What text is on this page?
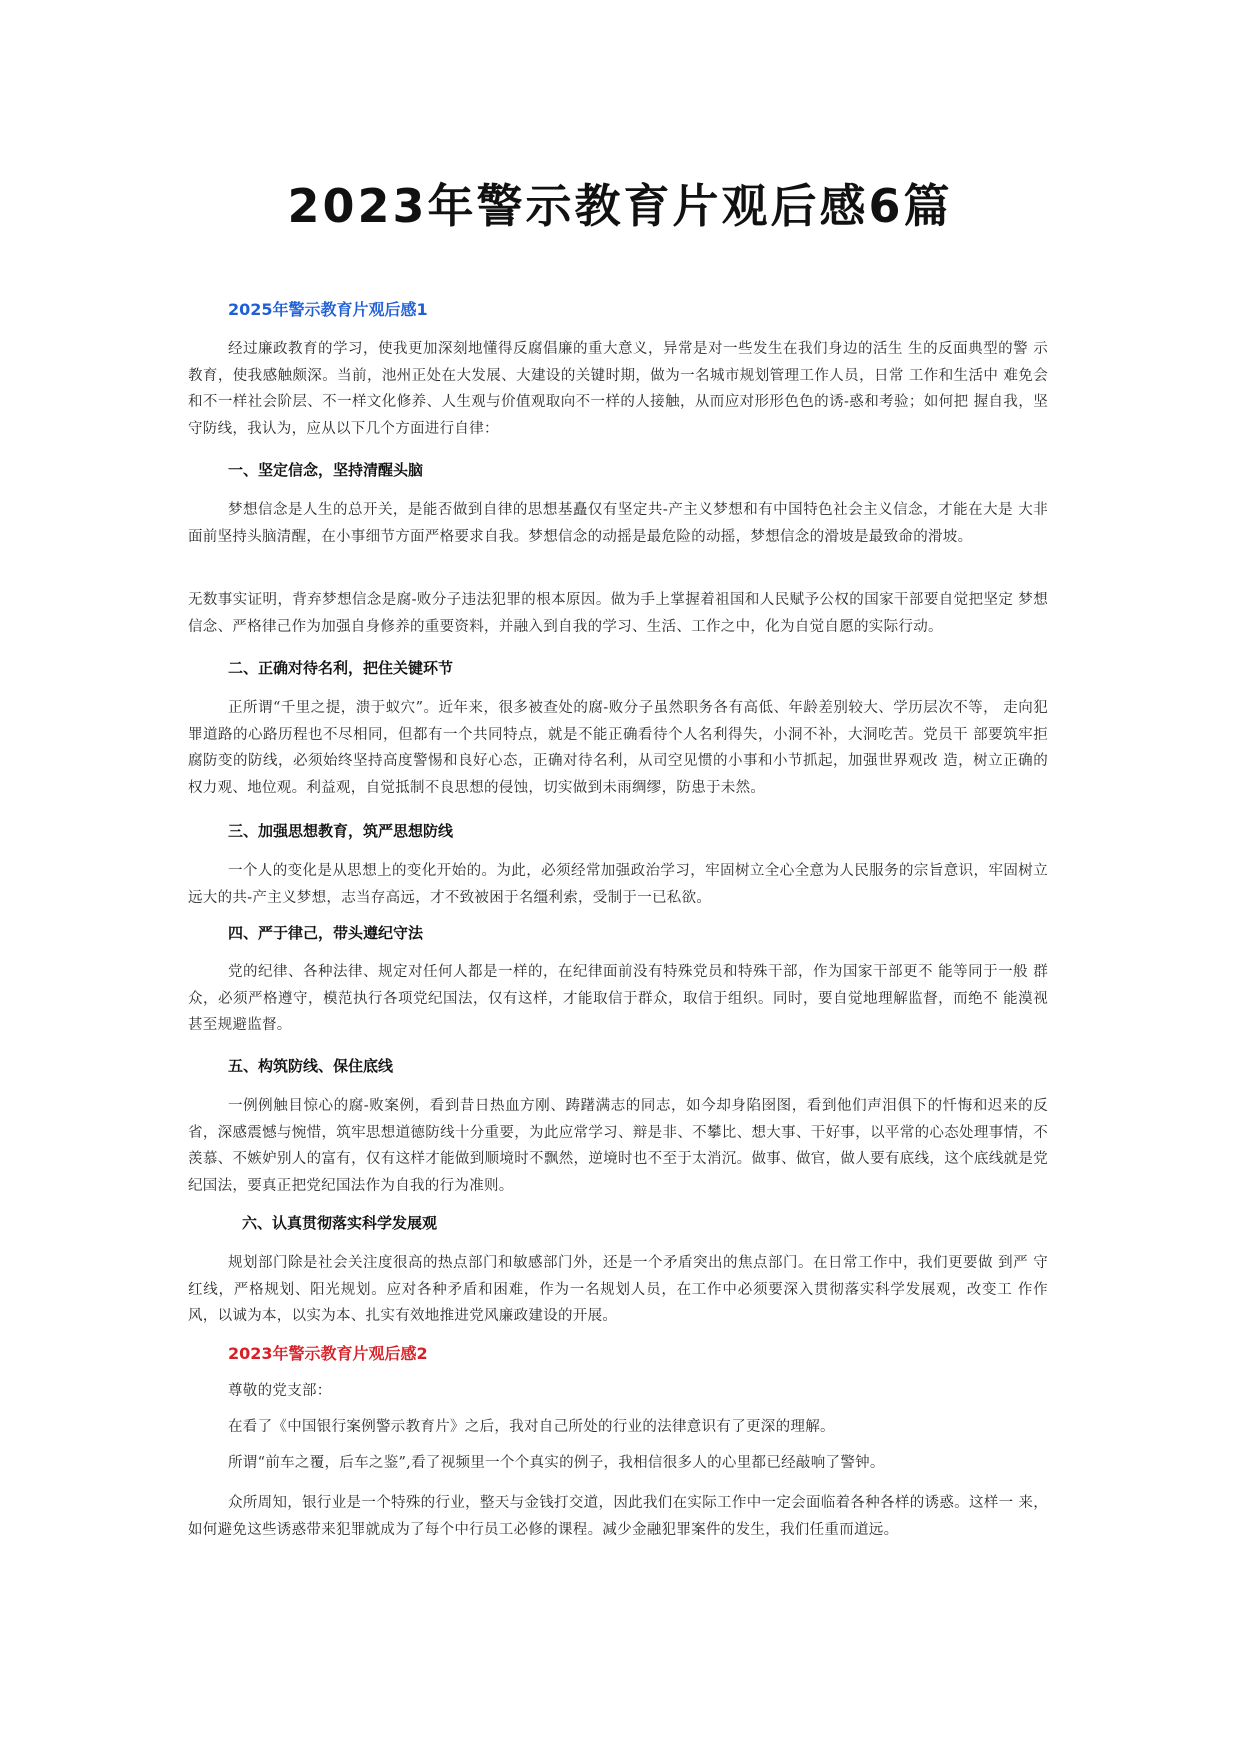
2023年警示教育片观后感6篇
2025年警示教育片观后感1

经过廉政教育的学习，使我更加深刻地懂得反腐倡廉的重大意义，异常是对一些发生在我们身边的活生 生的反面典型的警 示教育，使我感触颇深。当前，池州正处在大发展、大建设的关键时期，做为一名城市规划管理工作人员，日常 工作和生活中 难免会和不一样社会阶层、不一样文化修养、人生观与价值观取向不一样的人接触，从而应对形形色色的诱-惑和考验；如何把 握自我，坚守防线，我认为，应从以下几个方面进行自律：

一、坚定信念，坚持清醒头脑

梦想信念是人生的总开关，是能否做到自律的思想基矗仅有坚定共-产主义梦想和有中国特色社会主义信念，才能在大是 大非面前坚持头脑清醒，在小事细节方面严格要求自我。梦想信念的动摇是最危险的动摇，梦想信念的滑坡是最致命的滑坡。

无数事实证明，背弃梦想信念是腐-败分子违法犯罪的根本原因。做为手上掌握着祖国和人民赋予公权的国家干部要自觉把坚定 梦想信念、严格律己作为加强自身修养的重要资料，并融入到自我的学习、生活、工作之中，化为自觉自愿的实际行动。

二、正确对待名利，把住关键环节

正所谓“千里之提，溃于蚁穴”。近年来，很多被查处的腐-败分子虽然职务各有高低、年龄差别较大、学历层次不等， 走向犯罪道路的心路历程也不尽相同，但都有一个共同特点，就是不能正确看待个人名利得失，小洞不补，大洞吃苦。党员干 部要筑牢拒腐防变的防线，必须始终坚持高度警惕和良好心态，正确对待名利，从司空见惯的小事和小节抓起，加强世界观改 造，树立正确的权力观、地位观。利益观，自觉抵制不良思想的侵蚀，切实做到未雨绸缪，防患于未然。

三、加强思想教育，筑严思想防线

一个人的变化是从思想上的变化开始的。为此，必须经常加强政治学习，牢固树立全心全意为人民服务的宗旨意识，牢固树立远大的共-产主义梦想，志当存高远，才不致被困于名缰利索，受制于一已私欲。

四、严于律己，带头遵纪守法

党的纪律、各种法律、规定对任何人都是一样的，在纪律面前没有特殊党员和特殊干部，作为国家干部更不 能等同于一般 群众，必须严格遵守，模范执行各项党纪国法，仅有这样，才能取信于群众，取信于组织。同时，要自觉地理解监督，而绝不 能漠视甚至规避监督。

五、构筑防线、保住底线

一例例触目惊心的腐-败案例，看到昔日热血方刚、踌躇满志的同志，如今却身陷囹图，看到他们声泪俱下的忏悔和迟来的反省，深感震憾与惋惜，筑牢思想道德防线十分重要，为此应常学习、辩是非、不攀比、想大事、干好事，以平常的心态处理事情，不羡慕、不嫉妒别人的富有，仅有这样才能做到顺境时不飘然，逆境时也不至于太消沉。做事、做官，做人要有底线，这个底线就是党纪国法，要真正把党纪国法作为自我的行为准则。

六、认真贯彻落实科学发展观

规划部门除是社会关注度很高的热点部门和敏感部门外，还是一个矛盾突出的焦点部门。在日常工作中，我们更要做 到严 守红线，严格规划、阳光规划。应对各种矛盾和困难，作为一名规划人员，在工作中必须要深入贯彻落实科学发展观，改变工 作作风，以诚为本，以实为本、扎实有效地推进党风廉政建设的开展。

2023年警示教育片观后感2

尊敬的党支部：

在看了《中国银行案例警示教育片》之后，我对自己所处的行业的法律意识有了更深的理解。

所谓“前车之覆，后车之鉴”,看了视频里一个个真实的例子，我相信很多人的心里都已经敲响了警钟。

众所周知，银行业是一个特殊的行业，整天与金钱打交道，因此我们在实际工作中一定会面临着各种各样的诱惑。这样一 来，如何避免这些诱惑带来犯罪就成为了每个中行员工必修的课程。减少金融犯罪案件的发生，我们任重而道远。
